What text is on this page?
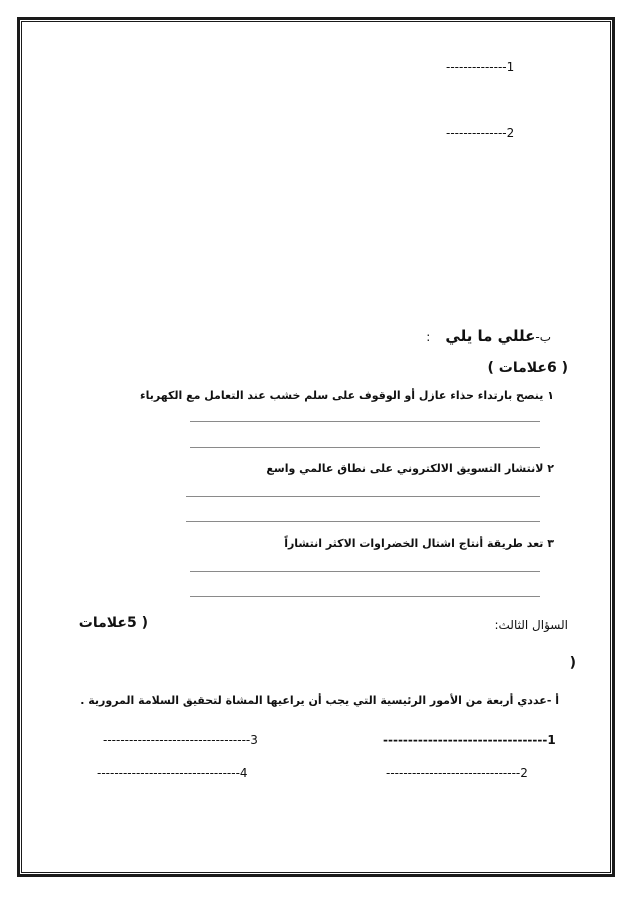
--------------1
--------------2
ب-عللي ما يلي :
( 6علامات )
١ ينصح بارتداء حذاء عازل أو الوقوف على سلم خشب عند التعامل مع الكهرباء
٢ لانتشار التسويق الالكتروني على نطاق عالمي واسع
٣ تعد طريقة أنتاج اشتال الخضراوات الاكثر انتشاراً
السؤال الثالث:
( 5علامات
)
أ -عددي أربعة من الأمور الرئيسية التي يجب أن يراعيها المشاة لتحقيق السلامة المرورية .
---------------------------------1
----------------------------------3
-------------------------------2
---------------------------------4
